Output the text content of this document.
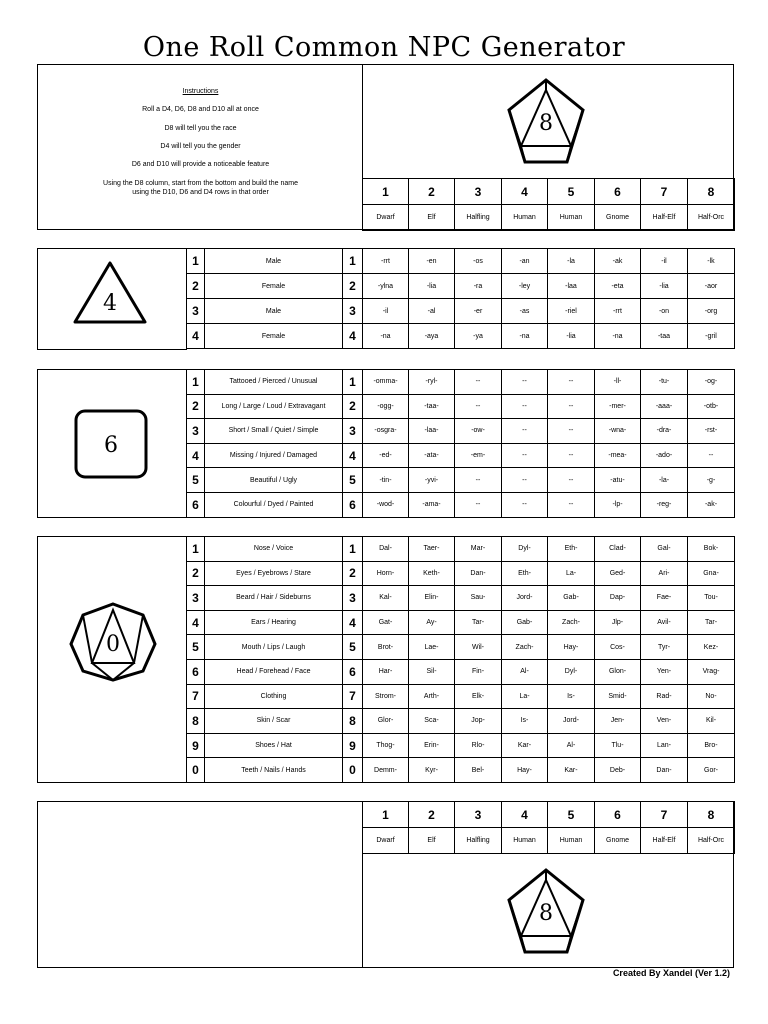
One Roll Common NPC Generator
Instructions
Roll a D4, D6, D8 and D10 all at once
D8 will tell you the race
D4 will tell you the gender
D6 and D10 will provide a noticeable feature
Using the D8 column, start from the bottom and build the name
using the D10, D6 and D4 rows in that order
8
1	2	3	4	5	6	7	8
Dwarf	Elf	Halfling	Human	Human	Gnome	Half-Elf	Half-Orc
4
1	Male	1	-rrt	-en	-os	-an	-la	-ak	-il	-lk
2	Female	2	-ylna	-lia	-ra	-ley	-laa	-eta	-lia	-aor
3	Male	3	-il	-al	-er	-as	-riel	-rrt	-on	-org
4	Female	4	-na	-aya	-ya	-na	-lia	-na	-taa	-gril
6
1	Tattooed / Pierced / Unusual	1	-omma-	-ryl-	--	--	--	-ll-	-tu-	-og-
2	Long / Large / Loud / Extravagant	2	-ogg-	-taa-	--	--	--	-mer-	-aaa-	-otb-
3	Short / Small / Quiet / Simple	3	-osgra-	-laa-	-ow-	--	--	-wna-	-dra-	-rst-
4	Missing / Injured / Damaged	4	-ed-	-ata-	-em-	--	--	-mea-	-ado-	--
5	Beautiful / Ugly	5	-tin-	-yvi-	--	--	--	-atu-	-la-	-g-
6	Colourful / Dyed / Painted	6	-wod-	-ama-	--	--	--	-lp-	-reg-	-ak-
0
1	Nose / Voice	1	Dal-	Taer-	Mar-	Dyl-	Eth-	Clad-	Gal-	Bok-
2	Eyes / Eyebrows / Stare	2	Horn-	Keth-	Dan-	Eth-	La-	Ged-	Ari-	Gna-
3	Beard / Hair / Sideburns	3	Kal-	Elin-	Sau-	Jord-	Gab-	Dap-	Fae-	Tou-
4	Ears / Hearing	4	Gat-	Ay-	Tar-	Gab-	Zach-	Jlp-	Avil-	Tar-
5	Mouth / Lips / Laugh	5	Brot-	Lae-	Wil-	Zach-	Hay-	Cos-	Tyr-	Kez-
6	Head / Forehead / Face	6	Har-	Sil-	Fin-	Al-	Dyl-	Glon-	Yen-	Vrag-
7	Clothing	7	Strom-	Arth-	Elk-	La-	Is-	Smid-	Rad-	No-
8	Skin / Scar	8	Glor-	Sca-	Jop-	Is-	Jord-	Jen-	Ven-	Kil-
9	Shoes / Hat	9	Thog-	Erin-	Rlo-	Kar-	Al-	Tlu-	Lan-	Bro-
0	Teeth / Nails / Hands	0	Demm-	Kyr-	Bel-	Hay-	Kar-	Deb-	Dan-	Gor-
1	2	3	4	5	6	7	8
Dwarf	Elf	Halfling	Human	Human	Gnome	Half-Elf	Half-Orc
8
Created By Xandel (Ver 1.2)
